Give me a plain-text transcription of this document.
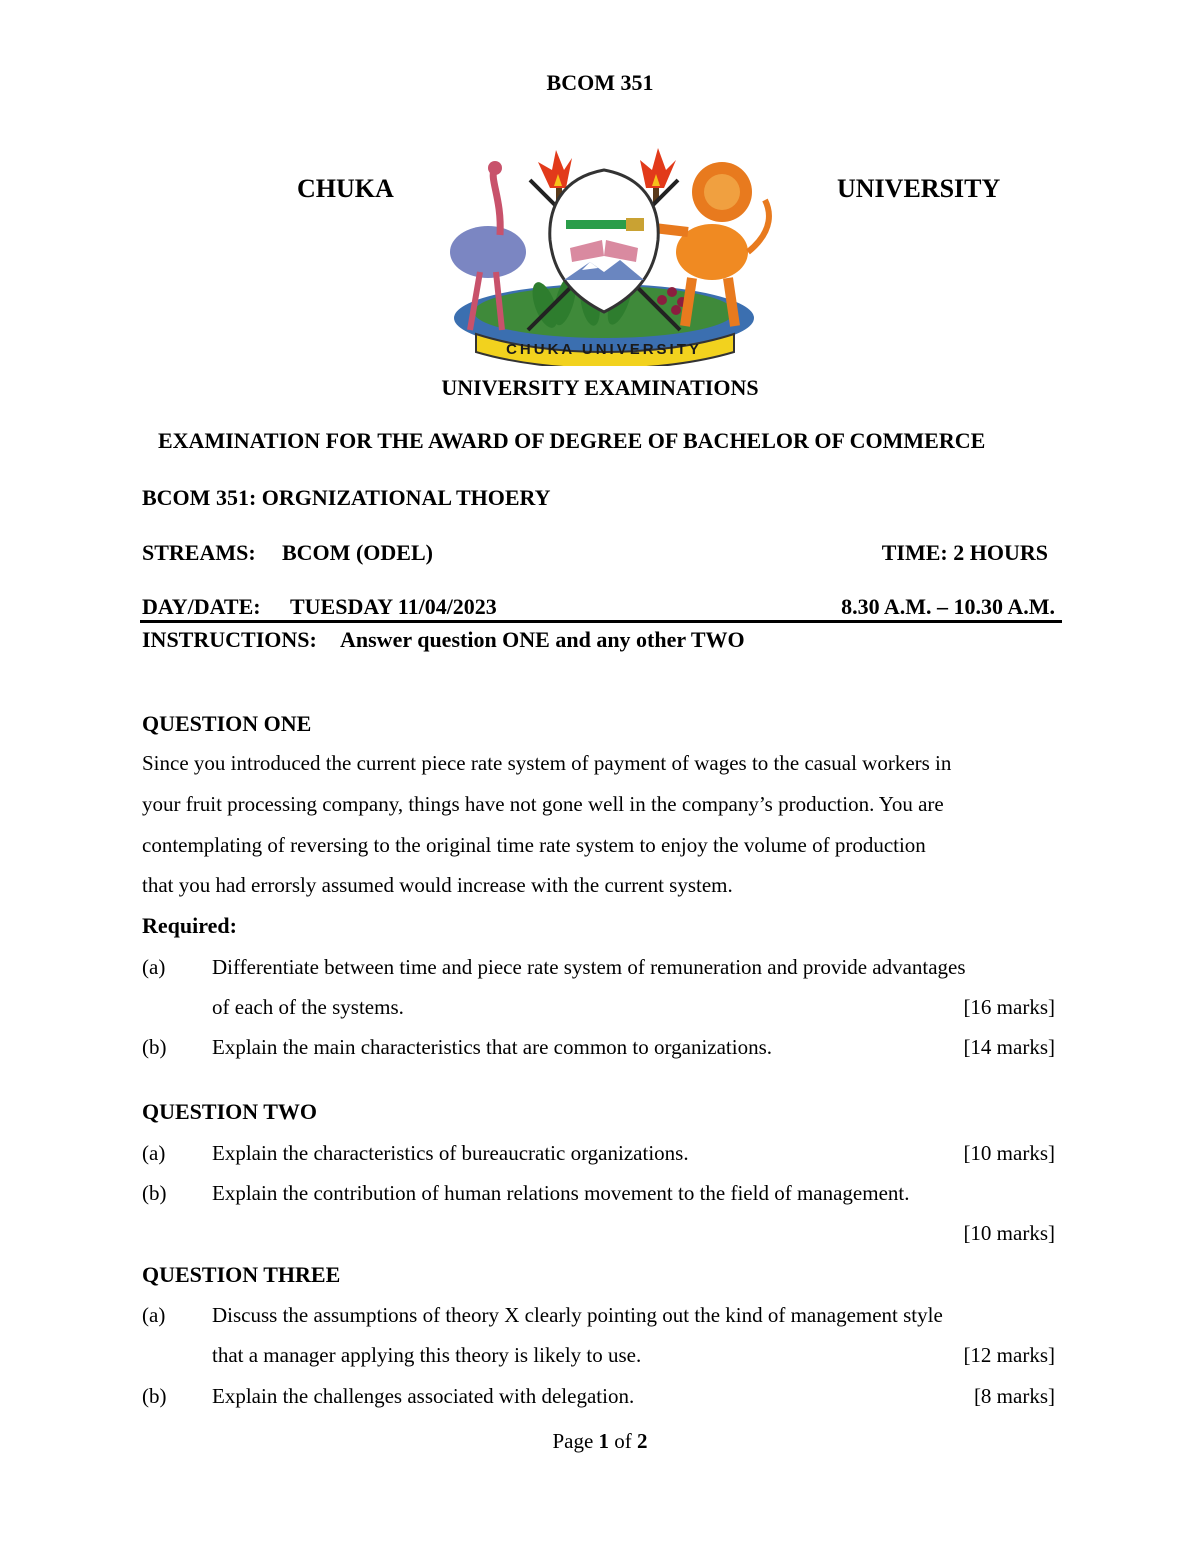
BCOM 351
CHUKA	UNIVERSITY
CHUKA UNIVERSITY
UNIVERSITY EXAMINATIONS
EXAMINATION FOR THE AWARD OF DEGREE OF BACHELOR OF COMMERCE
BCOM 351: ORGNIZATIONAL THOERY
STREAMS: BCOM (ODEL)	TIME: 2 HOURS
DAY/DATE: TUESDAY 11/04/2023	8.30 A.M. – 10.30 A.M.
INSTRUCTIONS: Answer question ONE and any other TWO
QUESTION ONE
Since you introduced the current piece rate system of payment of wages to the casual workers in
your fruit processing company, things have not gone well in the company’s production. You are
contemplating of reversing to the original time rate system to enjoy the volume of production
that you had errorsly assumed would increase with the current system.
Required:
(a) Differentiate between time and piece rate system of remuneration and provide advantages
of each of the systems.	[16 marks]
(b) Explain the main characteristics that are common to organizations.	[14 marks]
QUESTION TWO
(a) Explain the characteristics of bureaucratic organizations.	[10 marks]
(b) Explain the contribution of human relations movement to the field of management.
[10 marks]
QUESTION THREE
(a) Discuss the assumptions of theory X clearly pointing out the kind of management style
that a manager applying this theory is likely to use.	[12 marks]
(b) Explain the challenges associated with delegation.	[8 marks]
Page 1 of 2
